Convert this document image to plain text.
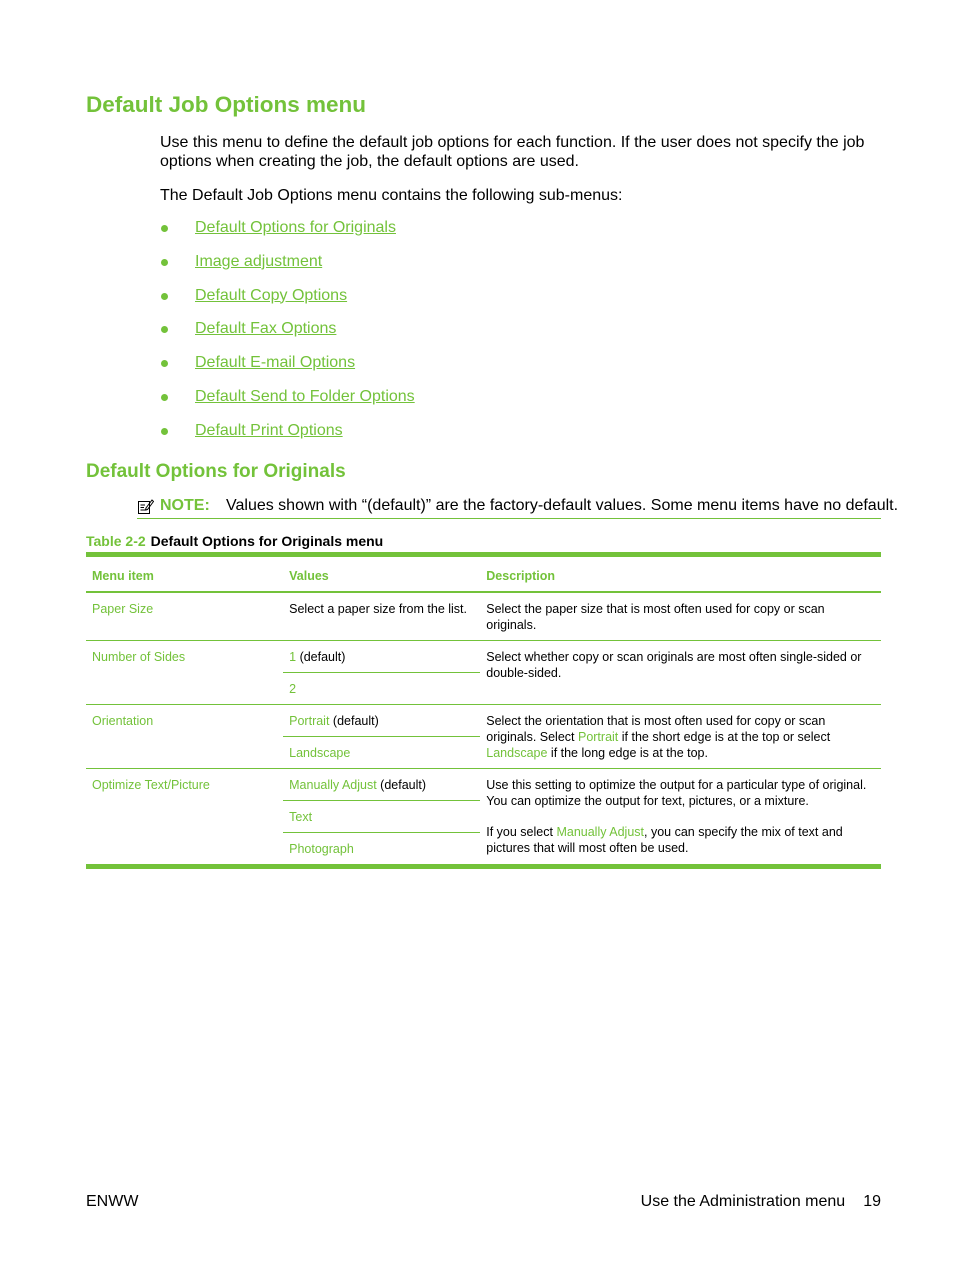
Default Job Options menu

Use this menu to define the default job options for each function. If the user does not specify the job options when creating the job, the default options are used.

The Default Job Options menu contains the following sub-menus:

Default Options for Originals
Image adjustment
Default Copy Options
Default Fax Options
Default E-mail Options
Default Send to Folder Options
Default Print Options
Default Options for Originals
NOTE: Values shown with “(default)” are the factory-default values. Some menu items have no default.
Table 2-2 Default Options for Originals menu
Menu item	Values	Description
Paper Size	Select a paper size from the list.	Select the paper size that is most often used for copy or scan originals.
Number of Sides	1 (default)	Select whether copy or scan originals are most often single-sided or double-sided.
	2	
Orientation	Portrait (default)	Select the orientation that is most often used for copy or scan originals. Select Portrait if the short edge is at the top or select Landscape if the long edge is at the top.
	Landscape	
Optimize Text/Picture	Manually Adjust (default)	Use this setting to optimize the output for a particular type of original. You can optimize the output for text, pictures, or a mixture.

If you select Manually Adjust, you can specify the mix of text and pictures that will most often be used.

	Text	
	Photograph	
ENWW	Use the Administration menu 19
